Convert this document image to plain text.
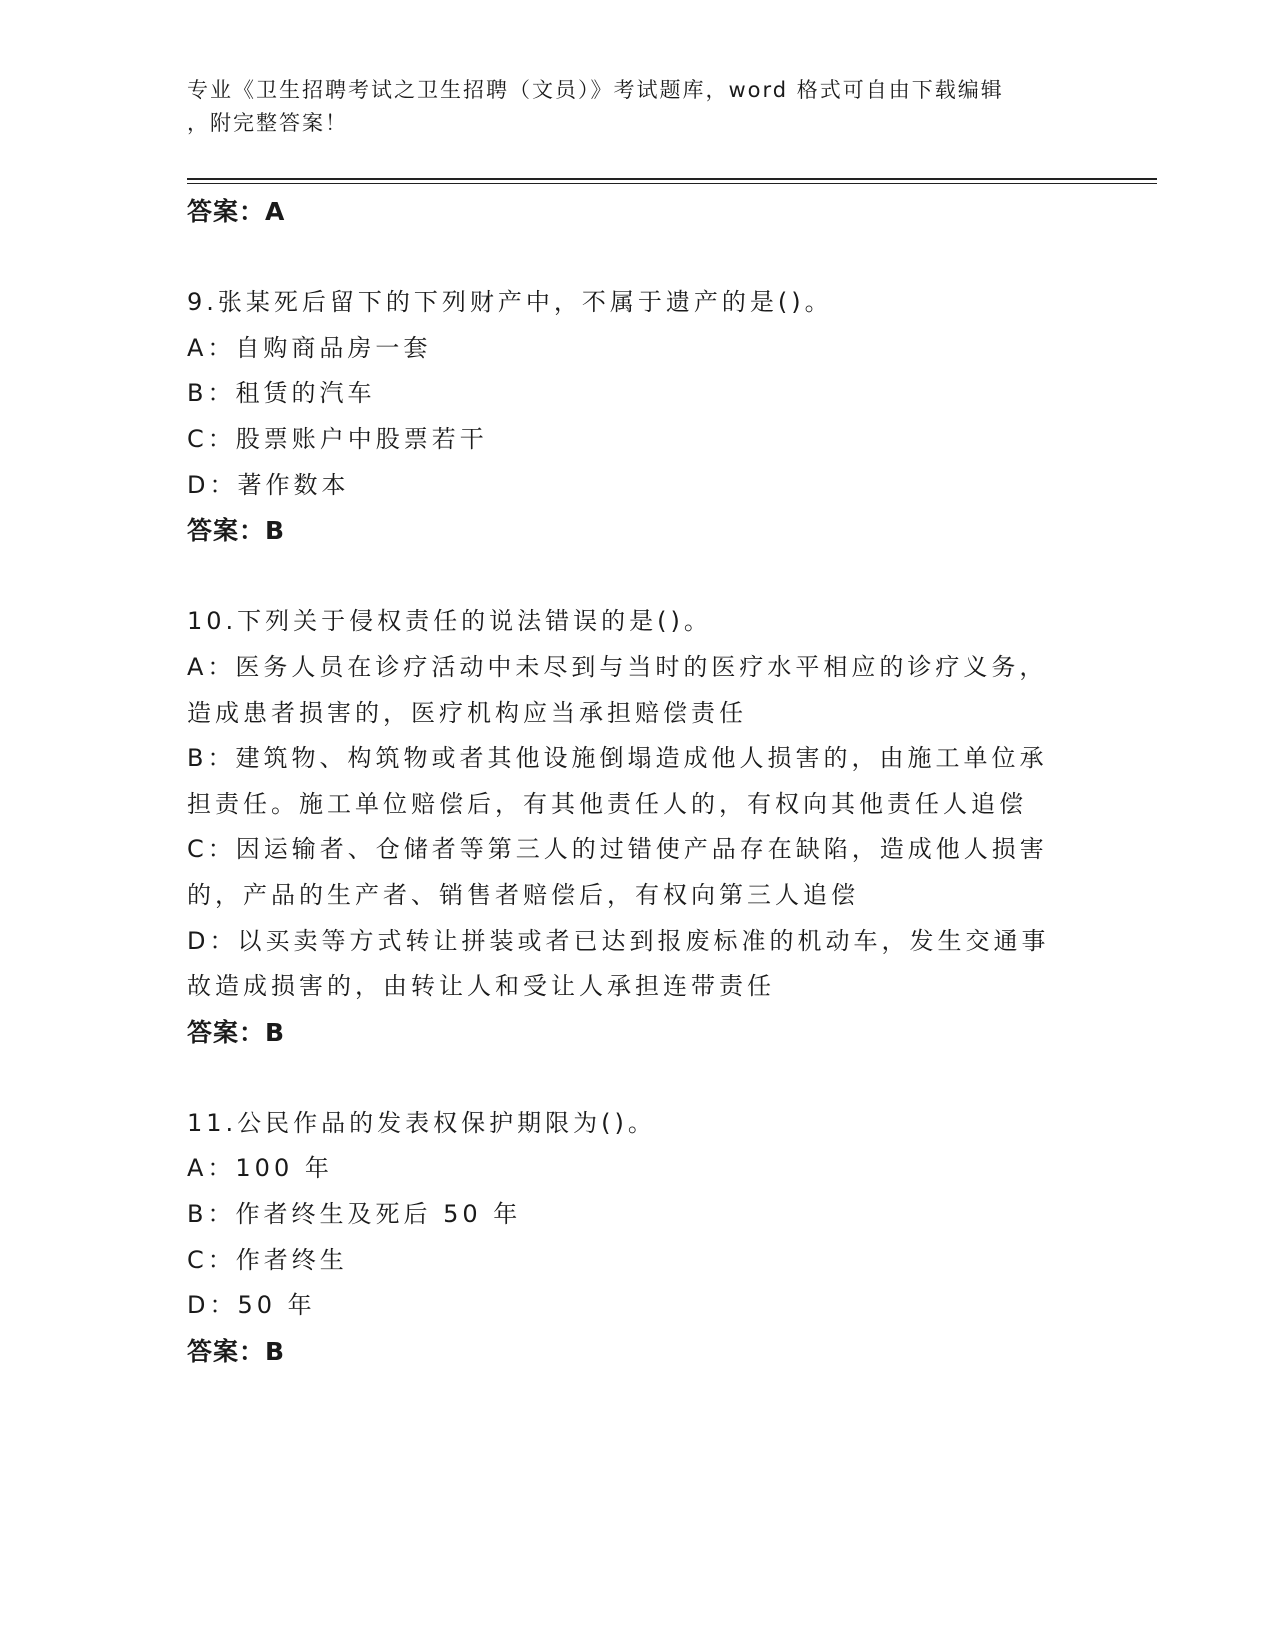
专业《卫生招聘考试之卫生招聘（文员）》考试题库，word 格式可自由下载编辑
，附完整答案！
答案：A
9.张某死后留下的下列财产中，不属于遗产的是()。
A：自购商品房一套
B：租赁的汽车
C：股票账户中股票若干
D：著作数本
答案：B
10.下列关于侵权责任的说法错误的是()。
A：医务人员在诊疗活动中未尽到与当时的医疗水平相应的诊疗义务，
造成患者损害的，医疗机构应当承担赔偿责任
B：建筑物、构筑物或者其他设施倒塌造成他人损害的，由施工单位承
担责任。施工单位赔偿后，有其他责任人的，有权向其他责任人追偿
C：因运输者、仓储者等第三人的过错使产品存在缺陷，造成他人损害
的，产品的生产者、销售者赔偿后，有权向第三人追偿
D：以买卖等方式转让拼装或者已达到报废标准的机动车，发生交通事
故造成损害的，由转让人和受让人承担连带责任
答案：B
11.公民作品的发表权保护期限为()。
A：100 年
B：作者终生及死后 50 年
C：作者终生
D：50 年
答案：B
